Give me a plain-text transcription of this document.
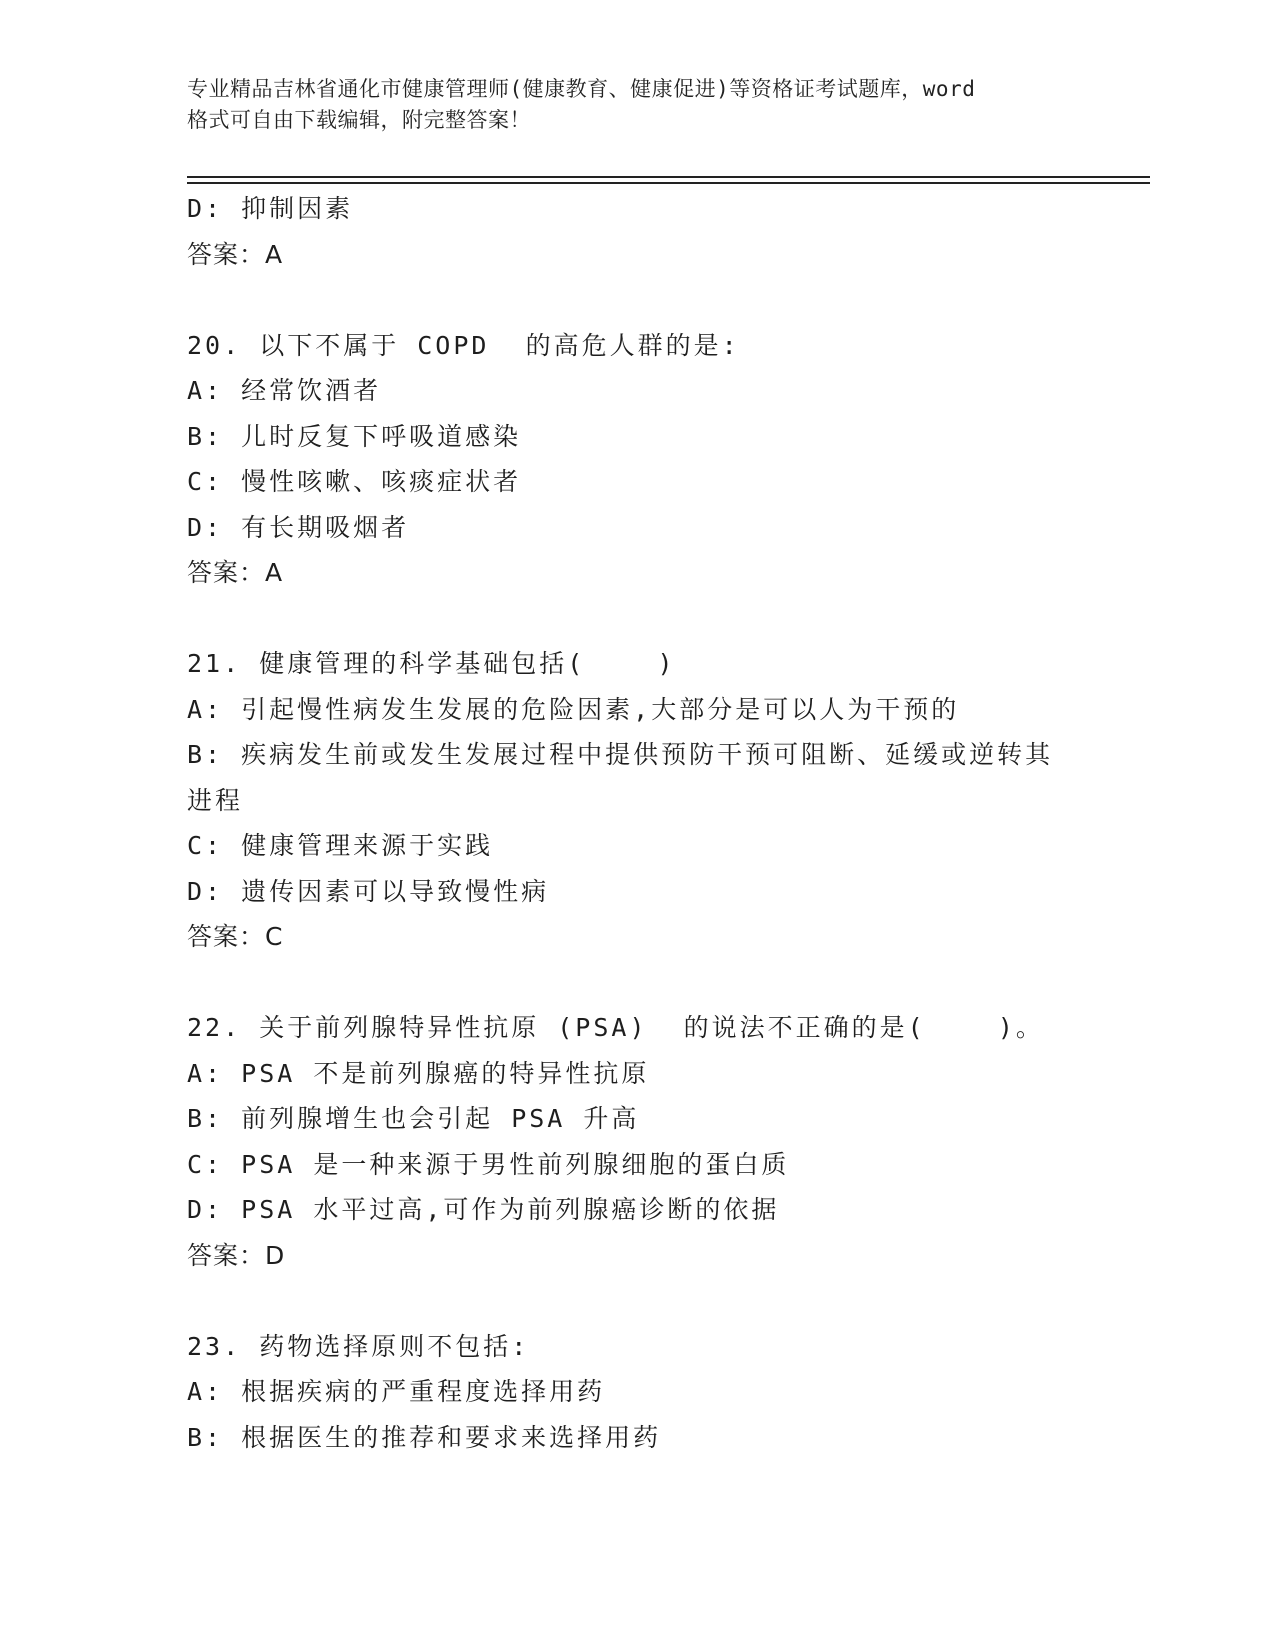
专业精品吉林省通化市健康管理师(健康教育、健康促进)等资格证考试题库，word
格式可自由下载编辑，附完整答案！
D: 抑制因素
答案：A
20. 以下不属于 COPD  的高危人群的是:
A: 经常饮酒者
B: 儿时反复下呼吸道感染
C: 慢性咳嗽、咳痰症状者
D: 有长期吸烟者
答案：A
21. 健康管理的科学基础包括(    )
A: 引起慢性病发生发展的危险因素,大部分是可以人为干预的
B: 疾病发生前或发生发展过程中提供预防干预可阻断、延缓或逆转其
进程
C: 健康管理来源于实践
D: 遗传因素可以导致慢性病
答案：C
22. 关于前列腺特异性抗原 (PSA)  的说法不正确的是(    )。
A: PSA 不是前列腺癌的特异性抗原
B: 前列腺增生也会引起 PSA 升高
C: PSA 是一种来源于男性前列腺细胞的蛋白质
D: PSA 水平过高,可作为前列腺癌诊断的依据
答案：D
23. 药物选择原则不包括:
A: 根据疾病的严重程度选择用药
B: 根据医生的推荐和要求来选择用药
